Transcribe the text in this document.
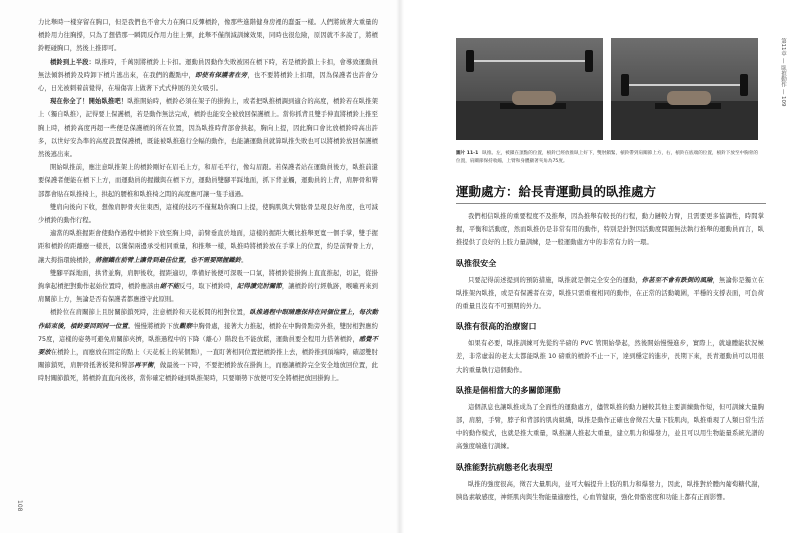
力比舉時一樣穿留在胸口，但是我們也不會大力在胸口反彈槓鈴，像那些進階健身房裡的蠢蛋一樣。人們將絨著大重量的槓鈴用力往胸撐，只為了想借那一瞬間反作用力往上彈，此舉不僅削減訓練效果，同時也很危險，原因就不多說了，將槓鈴輕碰胸口，然後上推即可。

槓鈴到上半段：臥推時，千萬別將槓鈴上卡扣。運動員因動作失敗被困在槓下時，若是槓鈴鎖上卡扣，會導致運動員無法傾斜槓鈴及時卸下槓片逃出來，在我們的觀點中，即使有保護者在旁，也不要將槓鈴上扣環，因為保護者也許會分心，日光被刺着前覺得，在場傷害上做著下式式伸展的美女吸引。

現在你全了！開始臥推吧！臥推開始時，槓鈴必須在架子的掛鉤上，或者把臥推槓調到適合的高度，槓鈴若在臥推架上（獨自臥推），記得要上保護槓，若是動作無法完成，槓鈴也能安全被放回保護槓上。當你抓背且雙手伸直將槓鈴上推至胸上時，槓鈴高度再超一些便是保護槓的所在位置，因為臥推時背部會拱起，胸向上提，因此胸口會比放槓鈴時高出許多，以世好安為準的高度設置保護槓，既能被臥推進行全幅的動作，也能讓運動員就算臥推失敗也可以將槓鈴放回保護槓然後逃出來。

開始臥推前，應注意臥推架上的槓鈴剛好在眉毛上方，和眉毛平行，像勾眉跟。若保護者站在運動員後方，臥推前還要保護者便能在槓下上方，而運動員的握鐵與在槓下方，運動員雙腳平踩地面，抓下背並觸，運動員的上背，肩胛骨和臀部都會貼在臥推椅上，拱起的腰椎和臥推椅之間的高度應可讓一隻手通過。

雙肩向後向下收，想像肩胛骨夾住東西，這樣的技巧不僅幫助你胸口上提，使胸肌與大臂肱骨呈現良好角度，也可減少槓鈴的動作行程。

適當的臥推握距會使動作過程中槓鈴下放至胸上時，前臂垂直於地面，這樣的握距大概比推舉更寬一個手掌，雙手握距和槓鈴的距離應一樣長，以獲保兩邊承受相同重量，和推舉一樣，臥推時將槓鈴放在手掌上的位置，約是前臂骨上方，讓大拇指環繞槓鈴，將握鐵在前臂上讓骨到最佳位置，也不需要開握鐵鈴。

雙腳平踩地面，拱背並胸，肩胛後收，握距適切，準備好後便可深吸一口氣，將槓鈴從掛鉤上直直推起，切記，從掛鉤拿起槓把對動作起始位置時，槓鈴應該由絕不能反弓，取下槓鈴時，記得讀完肘關節，讓槓鈴的行經軌跡，喉嚨再來到肩關節上方，無論是否有保護者都應遵守此原則。

槓鈴位在肩關節上且肘關節鎖死時，注意槓鈴和天花板間的相對位置，臥推過程中眼睛應保持在同個位置上，每次動作結束後，槓鈴要回到同一位置。慢慢將槓鈴下放觀察中胸骨處，接著大力推起，槓鈴在中胸骨點旁外推，雙肘相對應約75度，這樣的姿勢可避免肩關節夾擠，臥推過程中的下降（離心）階段也不能放鬆，運動員要全程用力搭著槓鈴，感覺不要放在槓鈴上，而應放在固定的點上（天花板上的某個點），一直盯著相同位置把槓鈴推上去，槓鈴推到頂端時，確認雙肘關節鎖死，肩胛骨抵著板凳和臀部再平衡，做最後一下時，不要把槓鈴放在掛鉤上，而應讓槓鈴完全安全地放回位置，此時肘關節鎖死，將槓鈴直直向後移，當你確定槓鈴碰到臥推架時，只要順勢下放便可安全將槓把放回掛鉤上。

108
圖片 11-1 臥推。左，被鎖在頂點的位置，槓鈴已經放推臥上好下，雙肘鎖緊，槓鈴帶到肩關節上方，右，槓鈴在底端的位置，槓鈴下放至中胸骨的位置，肩關節保持收縮，上臂和身體顯著夾角為75度。
第11章 — 臥推動作 — 109
運動處方：給長青運動員的臥推處方

我們相信臥推的重要程度不及推舉，因為推舉有較長的行程，動力鏈較力臂，且需要更多協調性，時間掌握，平衡和活動度，然而臥推仍是非常有用的動作，特別是針對因活動度問題無法執行推舉的運動員而言，臥推提供了良好的上肢力量訓練，是一般運動處方中的非常有力的一環。

臥推很安全

只要記得前述提到的預防措施，臥推就是個完全安全的運動，你甚至不會有跌倒的風險，無論你是獨立在臥推架內臥推，或是有保護者在旁，臥推只需重複相同的動作，在正常的活動範圍，平穩的支撐表面，可負荷的重量且沒有不可預期的外力。

臥推有很高的治療窗口

如果有必要，臥推訓練可先從約半磅的 PVC 管開始學起，然後開始慢慢進步，實際上，就連體能狀況極差，非常虛弱的老太太都能臥推 10 磅重的槓鈴不止一下，達到穩定的進步，長期下來，長青運動員可以用很大的重量執行這個動作。

臥推是個相當大的多關節運動

這個訊息也讓臥推成為了全面性的運動處方，儘管臥推的動力鏈較其他主要訓練動作短，但可訓練大量胸部，肩膀，手臂，脖子和背部的肌肉組織，臥推是動作正確也會徵召大量下肢肌肉，臥推重現了人類日常生活中的動作模式，也就是推大重量，臥推讓人推起大重量，建立肌力和爆發力，並且可以用生物能量系統光譜的高強度端進行訓練。

臥推能對抗病態老化表現型

臥推的強度很高，徵召大量肌肉，並可大幅提升上肢的肌力和爆發力，因此，臥推對於體內葡萄糖代謝，胰島素敏感度，神經肌肉與生物能量適應性，心血管健康，強化骨骼密度和功能上都有正面影響。
